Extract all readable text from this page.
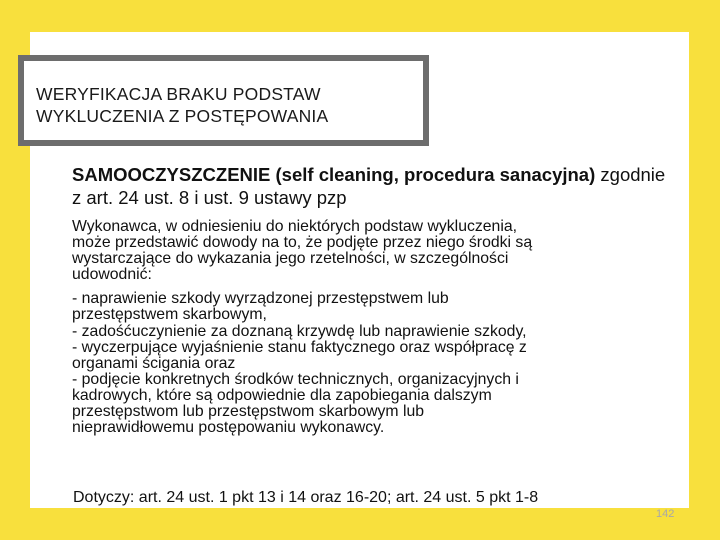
WERYFIKACJA BRAKU PODSTAW
WYKLUCZENIA Z POSTĘPOWANIA
SAMOOCZYSZCZENIE (self cleaning, procedura sanacyjna) zgodnie z art. 24 ust. 8 i ust. 9 ustawy pzp
Wykonawca, w odniesieniu do niektórych podstaw wykluczenia,
może przedstawić dowody na to, że podjęte przez niego środki są
wystarczające do wykazania jego rzetelności, w szczególności
udowodnić:
- naprawienie szkody wyrządzonej przestępstwem lub
przestępstwem skarbowym,
- zadośćuczynienie za doznaną krzywdę lub naprawienie szkody,
- wyczerpujące wyjaśnienie stanu faktycznego oraz współpracę z
organami ścigania oraz
- podjęcie konkretnych środków technicznych, organizacyjnych i
kadrowych, które są odpowiednie dla zapobiegania dalszym
przestępstwom lub przestępstwom skarbowym lub
nieprawidłowemu postępowaniu wykonawcy.
Dotyczy: art. 24 ust. 1 pkt 13 i 14 oraz 16-20; art. 24 ust. 5 pkt 1-8
142
